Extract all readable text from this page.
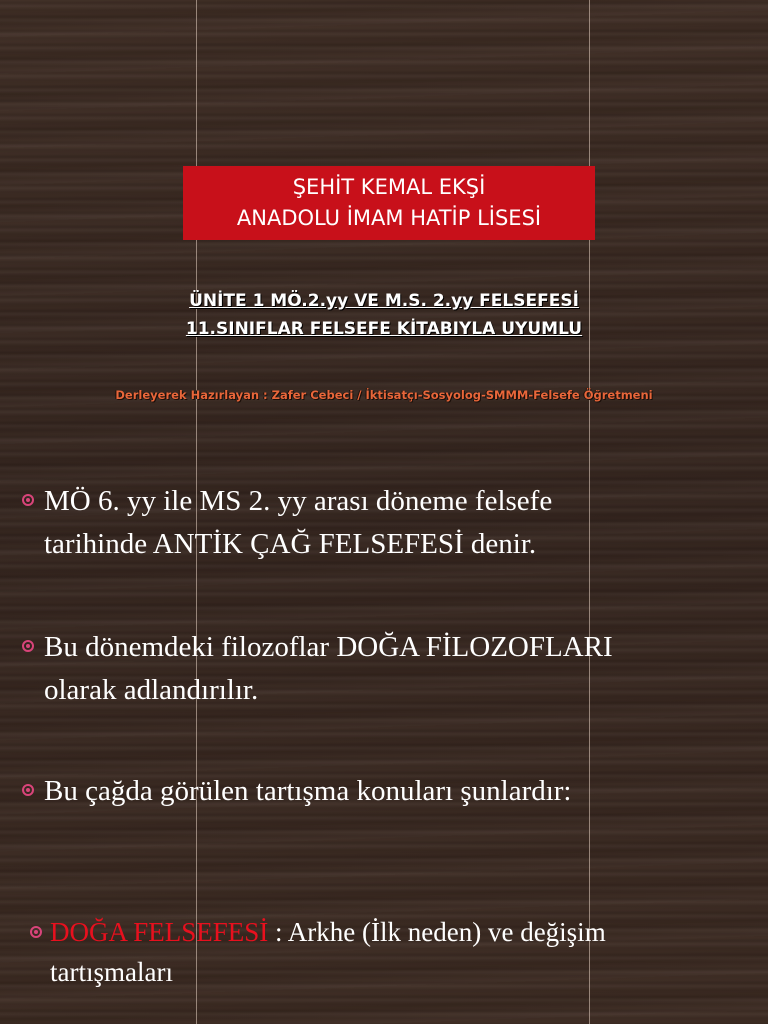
ŞEHİT KEMAL EKŞİ
ANADOLU İMAM HATİP LİSESİ
ÜNİTE 1 MÖ.2.yy VE M.S. 2.yy FELSEFESİ
11.SINIFLAR FELSEFE KİTABIYLA UYUMLU
Derleyerek Hazırlayan : Zafer Cebeci / İktisatçı-Sosyolog-SMMM-Felsefe Öğretmeni
MÖ 6. yy ile MS 2. yy arası döneme felsefe
tarihinde ANTİK ÇAĞ FELSEFESİ denir.
Bu dönemdeki filozoflar DOĞA FİLOZOFLARI
olarak adlandırılır.
Bu çağda görülen tartışma konuları şunlardır:
DOĞA FELSEFESİ : Arkhe (İlk neden) ve değişim
tartışmaları
